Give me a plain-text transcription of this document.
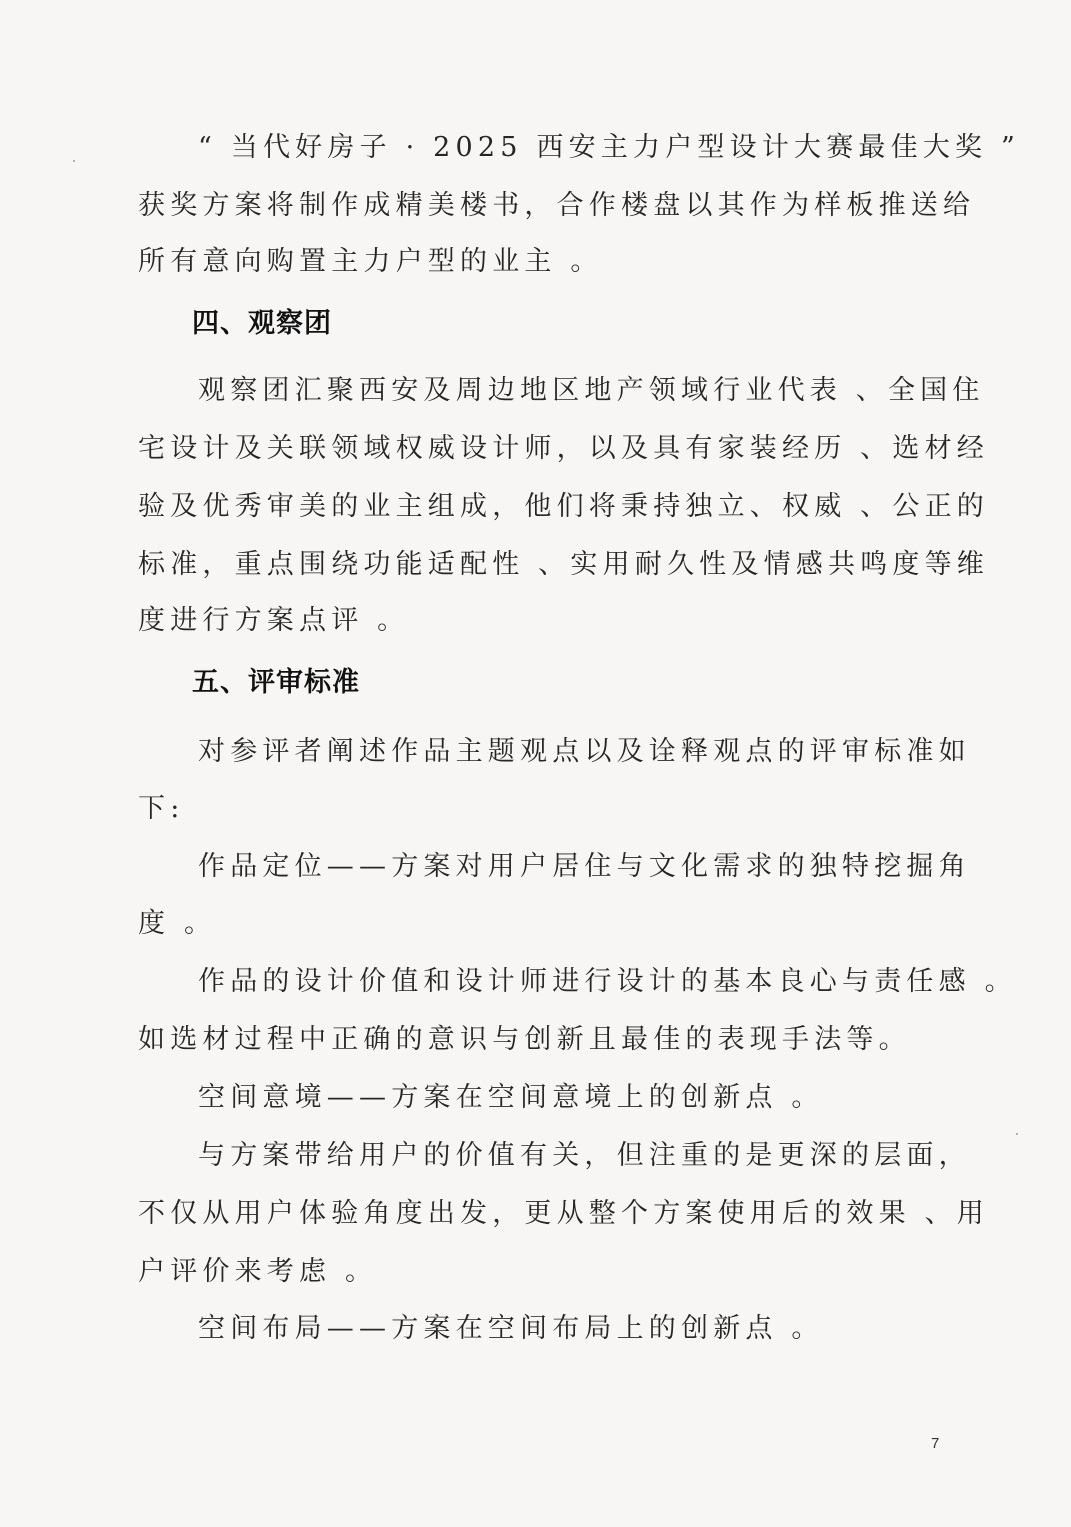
“ 当代好房子 · 2025 西安主力户型设计大赛最佳大奖 ”
获奖方案将制作成精美楼书，合作楼盘以其作为样板推送给
所有意向购置主力户型的业主 。
四、观察团
观察团汇聚西安及周边地区地产领域行业代表 、全国住
宅设计及关联领域权威设计师，以及具有家装经历 、选材经
验及优秀审美的业主组成，他们将秉持独立、权威 、公正的
标准，重点围绕功能适配性 、实用耐久性及情感共鸣度等维
度进行方案点评 。
五、评审标准
对参评者阐述作品主题观点以及诠释观点的评审标准如
下:
作品定位——方案对用户居住与文化需求的独特挖掘角
度 。
作品的设计价值和设计师进行设计的基本良心与责任感 。
如选材过程中正确的意识与创新且最佳的表现手法等。
空间意境——方案在空间意境上的创新点 。
与方案带给用户的价值有关，但注重的是更深的层面，
不仅从用户体验角度出发，更从整个方案使用后的效果 、用
户评价来考虑 。
空间布局——方案在空间布局上的创新点 。
7
